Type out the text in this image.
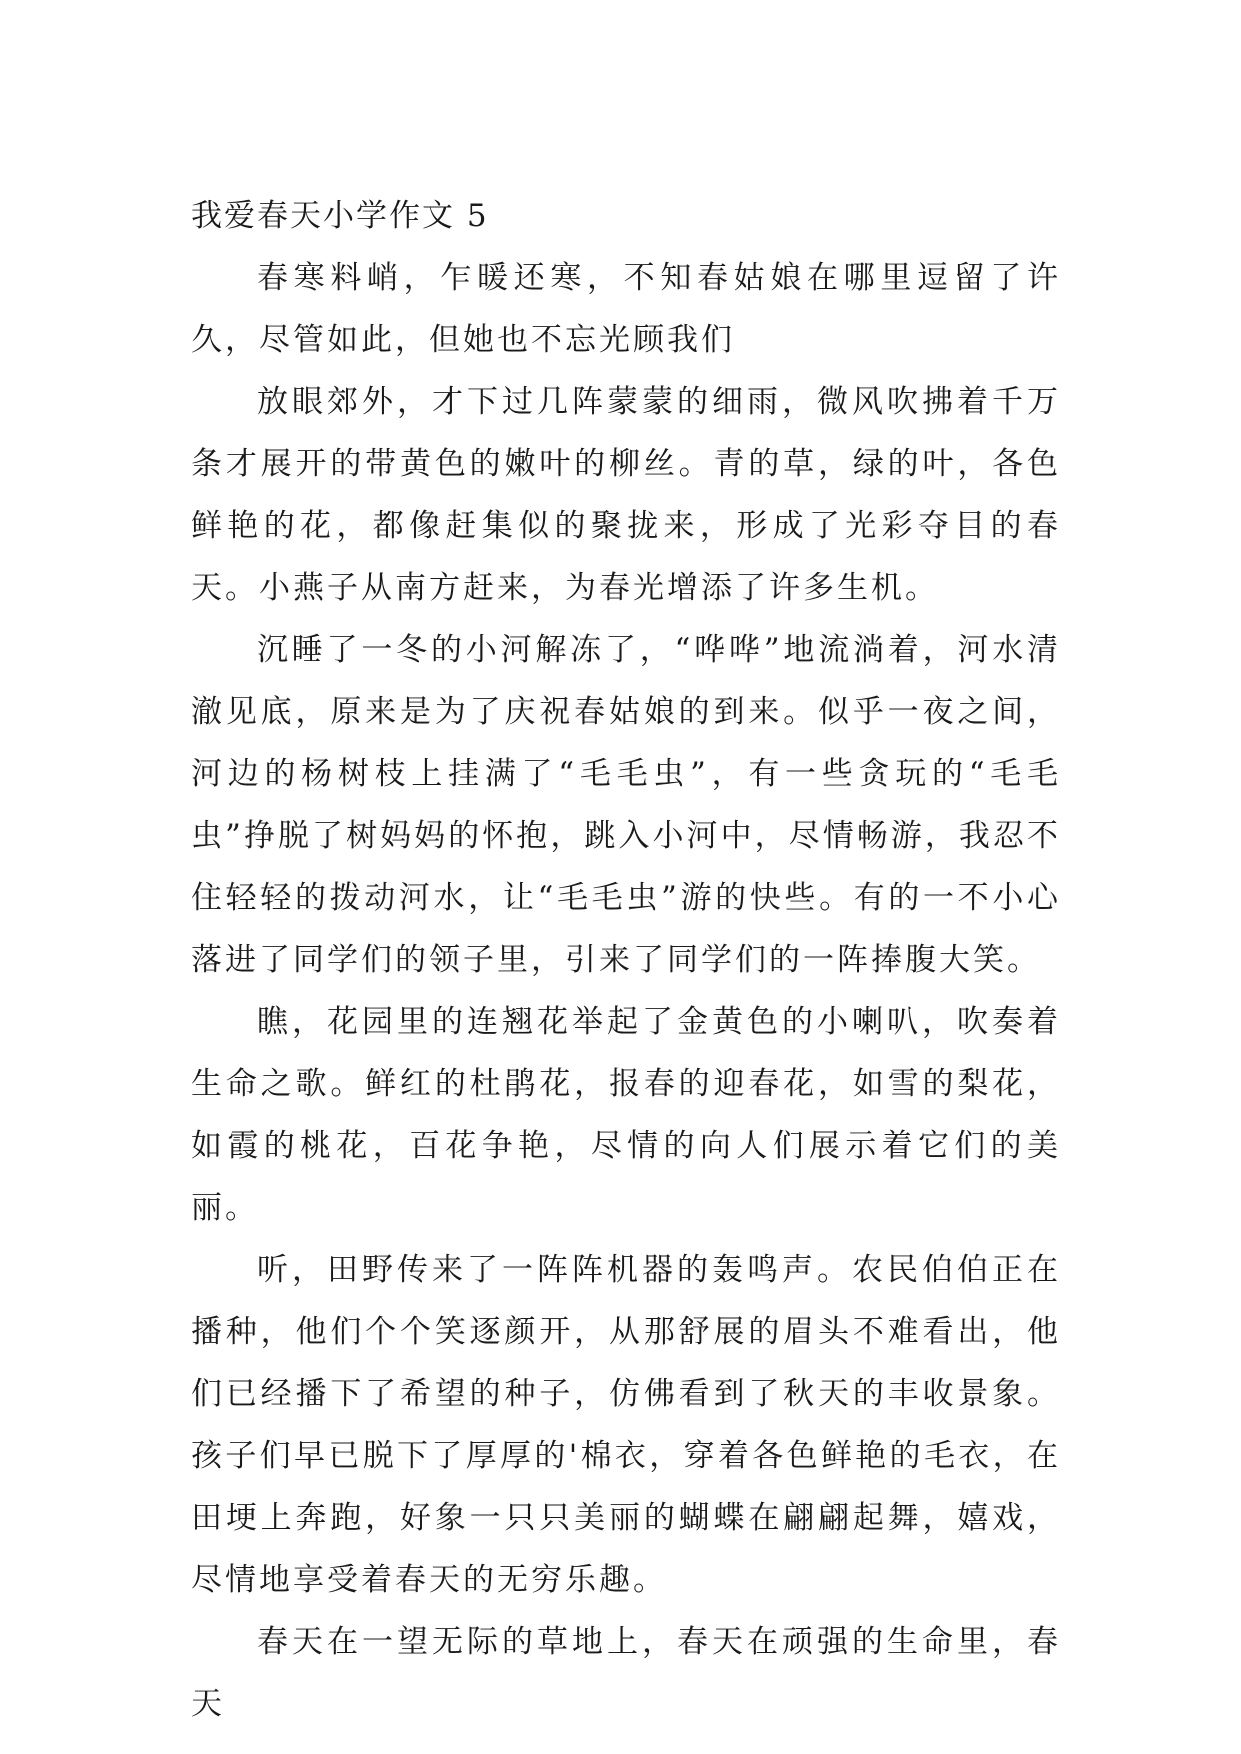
我爱春天小学作文 5

春寒料峭，乍暖还寒，不知春姑娘在哪里逗留了许久，尽管如此，但她也不忘光顾我们

放眼郊外，才下过几阵蒙蒙的细雨，微风吹拂着千万条才展开的带黄色的嫩叶的柳丝。青的草，绿的叶，各色鲜艳的花，都像赶集似的聚拢来，形成了光彩夺目的春天。小燕子从南方赶来，为春光增添了许多生机。

沉睡了一冬的小河解冻了，“哗哗”地流淌着，河水清澈见底，原来是为了庆祝春姑娘的到来。似乎一夜之间，河边的杨树枝上挂满了“毛毛虫”，有一些贪玩的“毛毛虫”挣脱了树妈妈的怀抱，跳入小河中，尽情畅游，我忍不住轻轻的拨动河水，让“毛毛虫”游的快些。有的一不小心落进了同学们的领子里，引来了同学们的一阵捧腹大笑。

瞧，花园里的连翘花举起了金黄色的小喇叭，吹奏着生命之歌。鲜红的杜鹃花，报春的迎春花，如雪的梨花，如霞的桃花，百花争艳，尽情的向人们展示着它们的美丽。

听，田野传来了一阵阵机器的轰鸣声。农民伯伯正在播种，他们个个笑逐颜开，从那舒展的眉头不难看出，他们已经播下了希望的种子，仿佛看到了秋天的丰收景象。孩子们早已脱下了厚厚的'棉衣，穿着各色鲜艳的毛衣，在田埂上奔跑，好象一只只美丽的蝴蝶在翩翩起舞，嬉戏，尽情地享受着春天的无穷乐趣。

春天在一望无际的草地上，春天在顽强的生命里，春天
